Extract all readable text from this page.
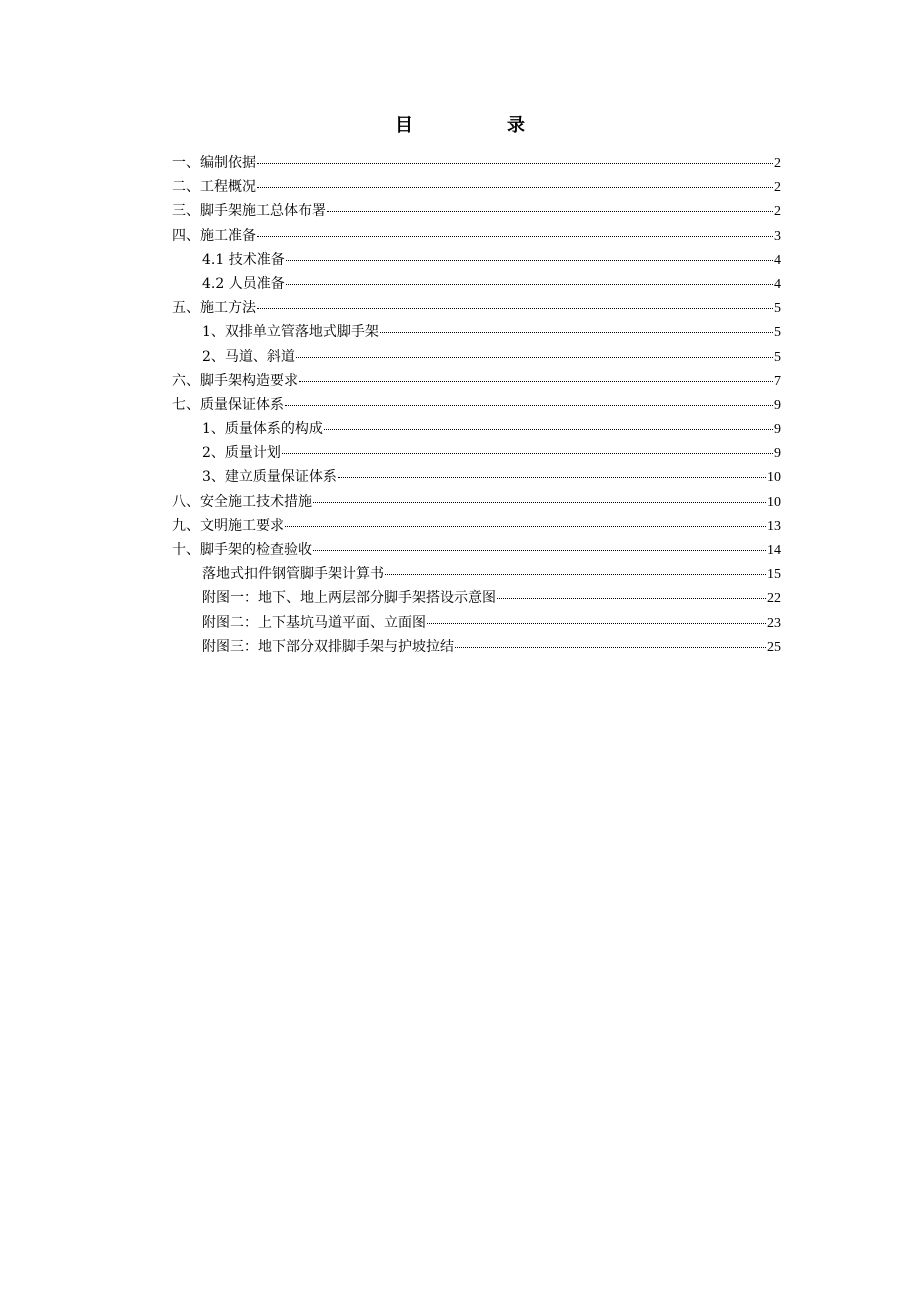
目　录
一、编制依据	2
二、工程概况	2
三、脚手架施工总体布署	2
四、施工准备	3
4.1 技术准备	4
4.2 人员准备	4
五、施工方法	5
1、双排单立管落地式脚手架	5
2、马道、斜道	5
六、脚手架构造要求	7
七、质量保证体系	9
1、质量体系的构成	9
2、质量计划	9
3、建立质量保证体系	10
八、安全施工技术措施	10
九、文明施工要求	13
十、脚手架的检查验收	14
落地式扣件钢管脚手架计算书	15
附图一：地下、地上两层部分脚手架搭设示意图	22
附图二：上下基坑马道平面、立面图	23
附图三：地下部分双排脚手架与护坡拉结	25
